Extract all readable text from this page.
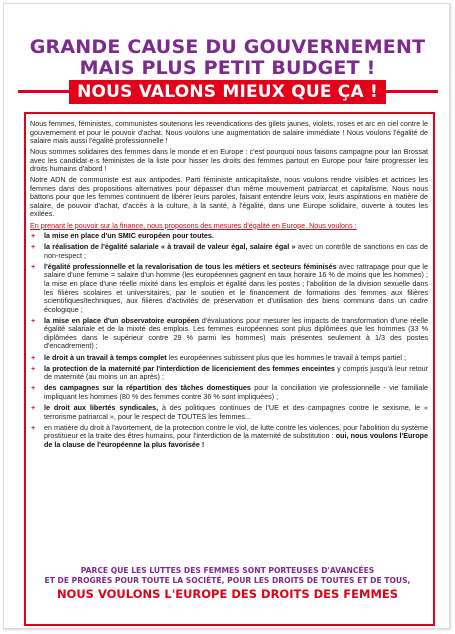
GRANDE CAUSE DU GOUVERNEMENT
MAIS PLUS PETIT BUDGET !
NOUS VALONS MIEUX QUE ÇA !

Nous femmes, féministes, communistes soutenons les revendications des gilets jaunes, violets, roses et arc en ciel contre le gouvernement et pour le pouvoir d'achat. Nous voulons une augmentation de salaire immédiate ! Nous voulons l'égalité de salaire mais aussi l'égalité professionnelle !

Nous sommes solidaires des femmes dans le monde et en Europe : c'est pourquoi nous faisons campagne pour Ian Brossat avec les candidat·e·s féministes de la liste pour hisser les droits des femmes partout en Europe pour faire progresser les droits humains d'abord !

Notre ADN de communiste est aux antipodes. Parti féministe anticapitaliste, nous voulons rendre visibles et actrices les femmes dans des propositions alternatives pour dépasser d'un même mouvement patriarcat et capitalisme. Nous nous battons pour que les femmes continuent de libérer leurs paroles, faisant entendre leurs voix, leurs aspirations en matière de salaire, de pouvoir d'achat, d'accès à la culture, à la santé, à l'égalité, dans une Europe solidaire, ouverte à toutes les exilées.

En prenant le pouvoir sur la finance, nous proposons des mesures d'égalité en Europe. Nous voulons :

+ la mise en place d'un SMIC européen pour toutes.
+ la réalisation de l'égalité salariale « à travail de valeur égal, salaire égal » avec un contrôle de sanctions en cas de non-respect ;
+ l'égalité professionnelle et la revalorisation de tous les métiers et secteurs féminisés avec rattrapage pour que le salaire d'une femme = salaire d'un homme (les européennes gagnent en taux horaire 16 % de moins que les hommes) ; la mise en place d'une réelle mixité dans les emplois et égalité dans les postes ; l'abolition de la division sexuelle dans les filières scolaires et universitaires, par le soutien et le financement de formations des femmes aux filières scientifiques/techniques, aux filières d'activités de préservation et d'utilisation des biens communs dans un cadre écologique ;
+ la mise en place d'un observatoire européen d'évaluations pour mesurer les impacts de transformation d'une réelle égalité salariale et de la mixité des emplois. Les femmes européennes sont plus diplômées que les hommes (33 % diplômées dans le supérieur contre 29 % parmi les hommes) mais présentes seulement à 1/3 des postes d'encadrement) ;
+ le droit à un travail à temps complet les européennes subissent plus que les hommes le travail à temps partiel ;
+ la protection de la maternité par l'interdiction de licenciement des femmes enceintes y compris jusqu'à leur retour de maternité (au moins un an après) ;
+ des campagnes sur la répartition des tâches domestiques pour la conciliation vie professionnelle - vie familiale impliquant les hommes (80 % des femmes contre 36 % sont impliquées) ;
+ le droit aux libertés syndicales, à des politiques continues de l'UE et des campagnes contre le sexisme, le « terrorisme patriarcal », pour le respect de TOUTES les femmes...
+ en matière du droit à l'avortement, de la protection contre le viol, de lutte contre les violences, pour l'abolition du système prostitueur et la traite des êtres humains, pour l'interdiction de la maternité de substitution : oui, nous voulons l'Europe de la clause de l'européenne la plus favorisée !
PARCE QUE LES LUTTES DES FEMMES SONT PORTEUSES D'AVANCÉES
ET DE PROGRÈS POUR TOUTE LA SOCIÉTÉ, POUR LES DROITS DE TOUTES ET DE TOUS,
NOUS VOULONS L'EUROPE DES DROITS DES FEMMES
